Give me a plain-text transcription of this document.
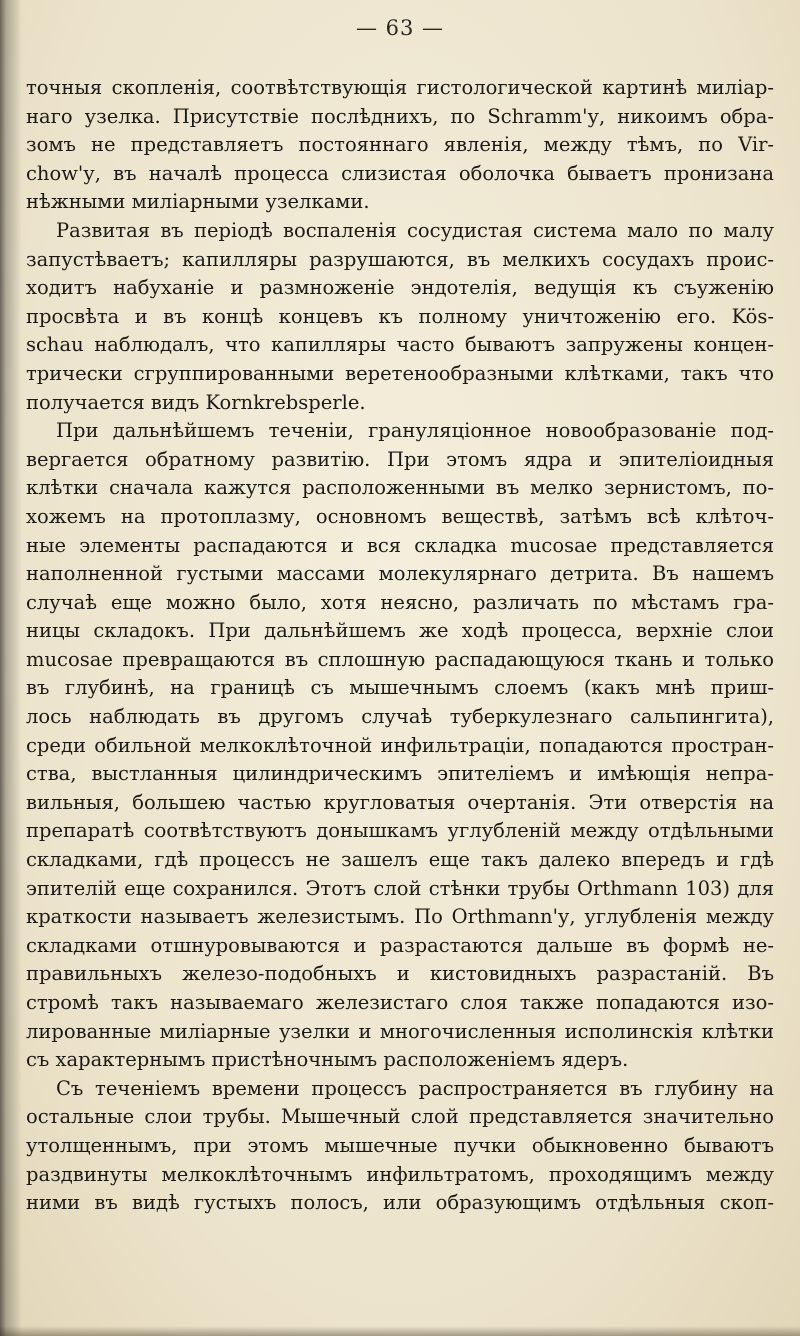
— 63 —
точныя скопленія, соотвѣтствующія гистологической картинѣ миліар-
наго узелка. Присутствіе послѣднихъ, по Schramm'у, никоимъ обра-
зомъ не представляетъ постояннаго явленія, между тѣмъ, по Vir-
chow'у, въ началѣ процесса слизистая оболочка бываетъ пронизана
нѣжными миліарными узелками.
Развитая въ періодѣ воспаленія сосудистая система мало по малу
запустѣваетъ; капилляры разрушаются, въ мелкихъ сосудахъ проис-
ходитъ набуханіе и размноженіе эндотелія, ведущія къ съуженію
просвѣта и въ концѣ концевъ къ полному уничтоженію его. Kös-
schau наблюдалъ, что капилляры часто бываютъ запружены концен-
трически сгруппированными веретенообразными клѣтками, такъ что
получается видъ Kornkrebsperle.
При дальнѣйшемъ теченіи, грануляціонное новообразованіе под-
вергается обратному развитію. При этомъ ядра и эпителіоидныя
клѣтки сначала кажутся расположенными въ мелко зернистомъ, по-
хожемъ на протоплазму, основномъ веществѣ, затѣмъ всѣ клѣточ-
ные элементы распадаются и вся складка mucosae представляется
наполненной густыми массами молекулярнаго детрита. Въ нашемъ
случаѣ еще можно было, хотя неясно, различать по мѣстамъ гра-
ницы складокъ. При дальнѣйшемъ же ходѣ процесса, верхніе слои
mucosae превращаются въ сплошную распадающуюся ткань и только
въ глубинѣ, на границѣ съ мышечнымъ слоемъ (какъ мнѣ приш-
лось наблюдать въ другомъ случаѣ туберкулезнаго сальпингита),
среди обильной мелкоклѣточной инфильтраціи, попадаются простран-
ства, выстланныя цилиндрическимъ эпителіемъ и имѣющія непра-
вильныя, большею частью кругловатыя очертанія. Эти отверстія на
препаратѣ соотвѣтствуютъ донышкамъ углубленій между отдѣльными
складками, гдѣ процессъ не зашелъ еще такъ далеко впередъ и гдѣ
эпителій еще сохранился. Этотъ слой стѣнки трубы Orthmann 103) для
краткости называетъ железистымъ. По Orthmann'у, углубленія между
складками отшнуровываются и разрастаются дальше въ формѣ не-
правильныхъ железо-подобныхъ и кистовидныхъ разрастаній. Въ
стромѣ такъ называемаго железистаго слоя также попадаются изо-
лированные миліарные узелки и многочисленныя исполинскія клѣтки
съ характернымъ пристѣночнымъ расположеніемъ ядеръ.
Съ теченіемъ времени процессъ распространяется въ глубину на
остальные слои трубы. Мышечный слой представляется значительно
утолщеннымъ, при этомъ мышечные пучки обыкновенно бываютъ
раздвинуты мелкоклѣточнымъ инфильтратомъ, проходящимъ между
ними въ видѣ густыхъ полосъ, или образующимъ отдѣльныя скоп-
